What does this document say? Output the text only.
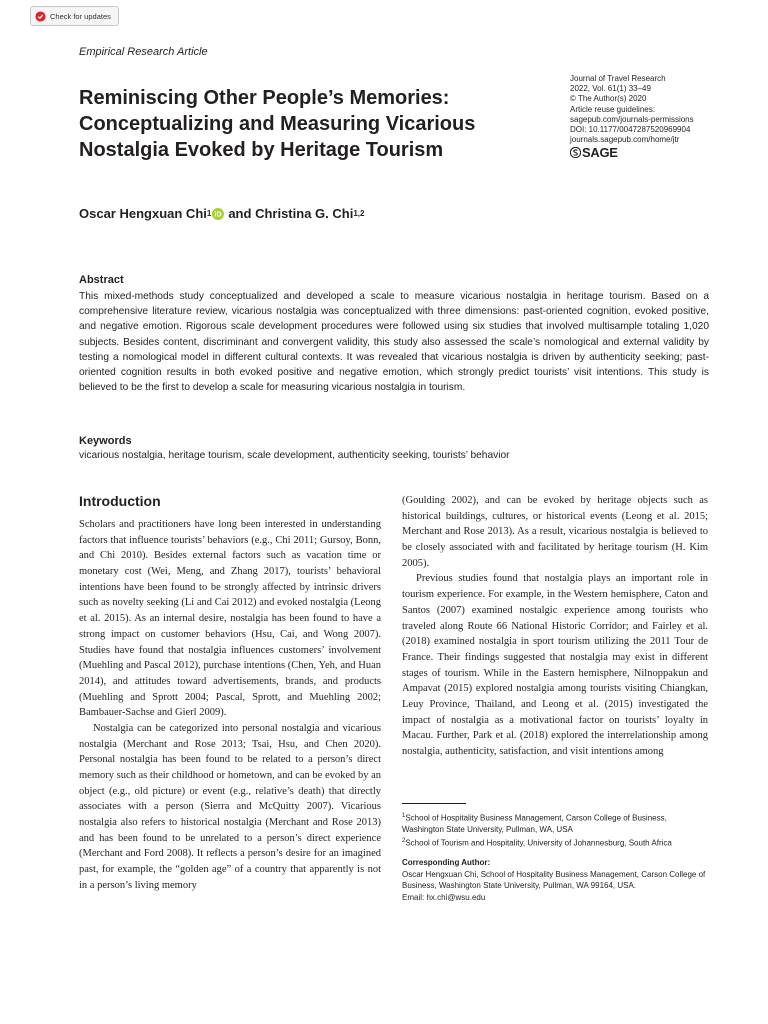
Check for updates
Empirical Research Article
Reminiscing Other People’s Memories: Conceptualizing and Measuring Vicarious Nostalgia Evoked by Heritage Tourism
Journal of Travel Research
2022, Vol. 61(1) 33–49
© The Author(s) 2020
Article reuse guidelines:
sagepub.com/journals-permissions
DOI: 10.1177/0047287520969904
journals.sagepub.com/home/jtr
SAGE
Oscar Hengxuan Chi 1 iD and
Christina G. Chi 1,2
Abstract

This mixed-methods study conceptualized and developed a scale to measure vicarious nostalgia in heritage tourism. Based on a comprehensive literature review, vicarious nostalgia was conceptualized with three dimensions: past-oriented cognition, evoked positive, and negative emotion. Rigorous scale development procedures were followed using six studies that involved multisample totaling 1,020 subjects. Besides content, discriminant and convergent validity, this study also assessed the scale’s nomological and external validity by testing a nomological model in different cultural contexts. It was revealed that vicarious nostalgia is driven by authenticity seeking; past-oriented cognition results in both evoked positive and negative emotion, which strongly predict tourists’ visit intentions. This study is believed to be the first to develop a scale for measuring vicarious nostalgia in tourism.

Keywords
vicarious nostalgia, heritage tourism, scale development, authenticity seeking, tourists’ behavior
Introduction

Scholars and practitioners have long been interested in understanding factors that influence tourists’ behaviors (e.g., Chi 2011; Gursoy, Bonn, and Chi 2010). Besides external factors such as vacation time or monetary cost (Wei, Meng, and Zhang 2017), tourists’ behavioral intentions have been found to be strongly affected by intrinsic drivers such as novelty seeking (Li and Cai 2012) and evoked nostalgia (Leong et al. 2015). As an internal desire, nostalgia has been found to have a strong impact on customer behaviors (Hsu, Cai, and Wong 2007). Studies have found that nostalgia influences customers’ involvement (Muehling and Pascal 2012), purchase intentions (Chen, Yeh, and Huan 2014), and attitudes toward advertisements, brands, and products (Muehling and Sprott 2004; Pascal, Sprott, and Muehling 2002; Bambauer-Sachse and Gierl 2009).

Nostalgia can be categorized into personal nostalgia and vicarious nostalgia (Merchant and Rose 2013; Tsai, Hsu, and Chen 2020). Personal nostalgia has been found to be related to a person’s direct memory such as their childhood or hometown, and can be evoked by an object (e.g., old picture) or event (e.g., relative’s death) that directly associates with a person (Sierra and McQuitty 2007). Vicarious nostalgia also refers to historical nostalgia (Merchant and Rose 2013) and has been found to be unrelated to a person’s direct experience (Merchant and Ford 2008). It reflects a person’s desire for an imagined past, for example, the “golden age” of a country that apparently is not in a person’s living memory

(Goulding 2002), and can be evoked by heritage objects such as historical buildings, cultures, or historical events (Leong et al. 2015; Merchant and Rose 2013). As a result, vicarious nostalgia is believed to be closely associated with and facilitated by heritage tourism (H. Kim 2005).

Previous studies found that nostalgia plays an important role in tourism experience. For example, in the Western hemisphere, Caton and Santos (2007) examined nostalgic experience among tourists who traveled along Route 66 National Historic Corridor; and Fairley et al. (2018) examined nostalgia in sport tourism utilizing the 2011 Tour de France. Their findings suggested that nostalgia may exist in different stages of tourism. While in the Eastern hemisphere, Nilnoppakun and Ampavat (2015) explored nostalgia among tourists visiting Chiangkan, Leuy Province, Thailand, and Leong et al. (2015) investigated the impact of nostalgia as a motivational factor on tourists’ loyalty in Macau. Further, Park et al. (2018) explored the interrelationship among nostalgia, authenticity, satisfaction, and visit intentions among

$^1$School of Hospitality Business Management, Carson College of Business, Washington State University, Pullman, WA, USA

$^2$School of Tourism and Hospitality, University of Johannesburg, South Africa

Corresponding Author:

Oscar Hengxuan Chi, School of Hospitality Business Management, Carson College of Business, Washington State University, Pullman, WA 99164, USA.

Email: hx.chi@wsu.edu
